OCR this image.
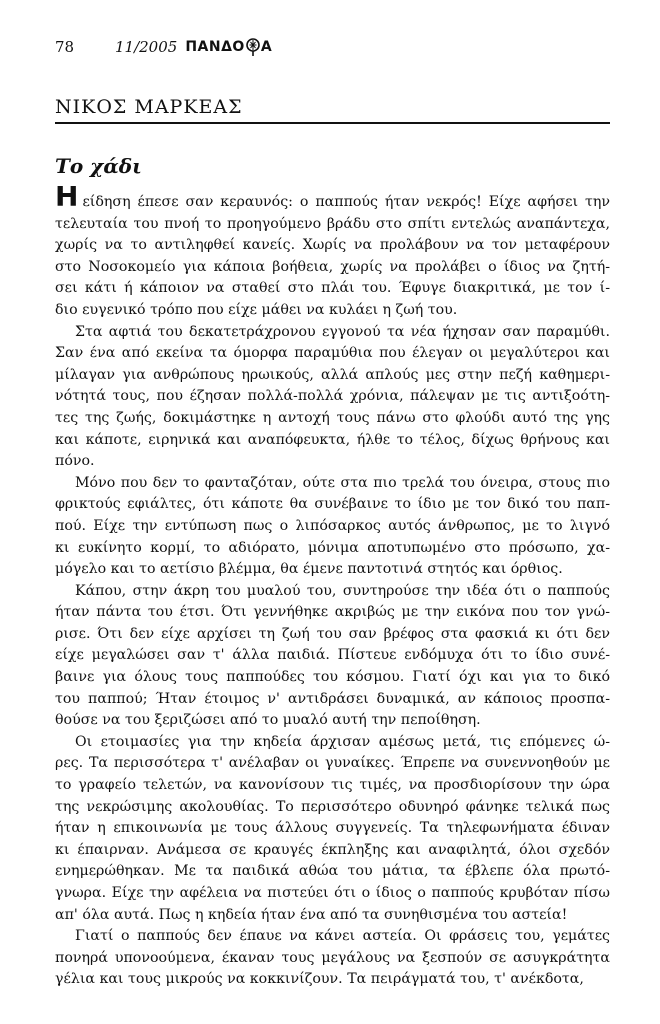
78	11/2005 ΠΑΝΔΟ Α
ΝΙΚΟΣ ΜΑΡΚΕΑΣ
Το χάδι

Ηείδηση έπεσε σαν κεραυνός: ο παππούς ήταν νεκρός! Είχε αφήσει την
τελευταία του πνοή το προηγούμενο βράδυ στο σπίτι εντελώς αναπάντεχα,
χωρίς να το αντιληφθεί κανείς. Χωρίς να προλάβουν να τον μεταφέρουν
στο Νοσοκομείο για κάποια βοήθεια, χωρίς να προλάβει ο ίδιος να ζητή-
σει κάτι ή κάποιον να σταθεί στο πλάι του. Έφυγε διακριτικά, με τον ί-
διο ευγενικό τρόπο που είχε μάθει να κυλάει η ζωή του.

Στα αφτιά του δεκατετράχρονου εγγονού τα νέα ήχησαν σαν παραμύθι.
Σαν ένα από εκείνα τα όμορφα παραμύθια που έλεγαν οι μεγαλύτεροι και
μίλαγαν για ανθρώπους ηρωικούς, αλλά απλούς μες στην πεζή καθημερι-
νότητά τους, που έζησαν πολλά-πολλά χρόνια, πάλεψαν με τις αντιξοότη-
τες της ζωής, δοκιμάστηκε η αντοχή τους πάνω στο φλούδι αυτό της γης
και κάποτε, ειρηνικά και αναπόφευκτα, ήλθε το τέλος, δίχως θρήνους και
πόνο.

Μόνο που δεν το φανταζόταν, ούτε στα πιο τρελά του όνειρα, στους πιο
φρικτούς εφιάλτες, ότι κάποτε θα συνέβαινε το ίδιο με τον δικό του παπ-
πού. Είχε την εντύπωση πως ο λιπόσαρκος αυτός άνθρωπος, με το λιγνό
κι ευκίνητο κορμί, το αδιόρατο, μόνιμα αποτυπωμένο στο πρόσωπο, χα-
μόγελο και το αετίσιο βλέμμα, θα έμενε παντοτινά στητός και όρθιος.

Κάπου, στην άκρη του μυαλού του, συντηρούσε την ιδέα ότι ο παππούς
ήταν πάντα του έτσι. Ότι γεννήθηκε ακριβώς με την εικόνα που τον γνώ-
ρισε. Ότι δεν είχε αρχίσει τη ζωή του σαν βρέφος στα φασκιά κι ότι δεν
είχε μεγαλώσει σαν τ' άλλα παιδιά. Πίστευε ενδόμυχα ότι το ίδιο συνέ-
βαινε για όλους τους παππούδες του κόσμου. Γιατί όχι και για το δικό
του παππού; Ήταν έτοιμος ν' αντιδράσει δυναμικά, αν κάποιος προσπα-
θούσε να του ξεριζώσει από το μυαλό αυτή την πεποίθηση.

Οι ετοιμασίες για την κηδεία άρχισαν αμέσως μετά, τις επόμενες ώ-
ρες. Τα περισσότερα τ' ανέλαβαν οι γυναίκες. Έπρεπε να συνεννοηθούν με
το γραφείο τελετών, να κανονίσουν τις τιμές, να προσδιορίσουν την ώρα
της νεκρώσιμης ακολουθίας. Το περισσότερο οδυνηρό φάνηκε τελικά πως
ήταν η επικοινωνία με τους άλλους συγγενείς. Τα τηλεφωνήματα έδιναν
κι έπαιρναν. Ανάμεσα σε κραυγές έκπληξης και αναφιλητά, όλοι σχεδόν
ενημερώθηκαν. Με τα παιδικά αθώα του μάτια, τα έβλεπε όλα πρωτό-
γνωρα. Είχε την αφέλεια να πιστεύει ότι ο ίδιος ο παππούς κρυβόταν πίσω
απ' όλα αυτά. Πως η κηδεία ήταν ένα από τα συνηθισμένα του αστεία!

Γιατί ο παππούς δεν έπαυε να κάνει αστεία. Οι φράσεις του, γεμάτες
πονηρά υπονοούμενα, έκαναν τους μεγάλους να ξεσπούν σε ασυγκράτητα
γέλια και τους μικρούς να κοκκινίζουν. Τα πειράγματά του, τ' ανέκδοτα,
